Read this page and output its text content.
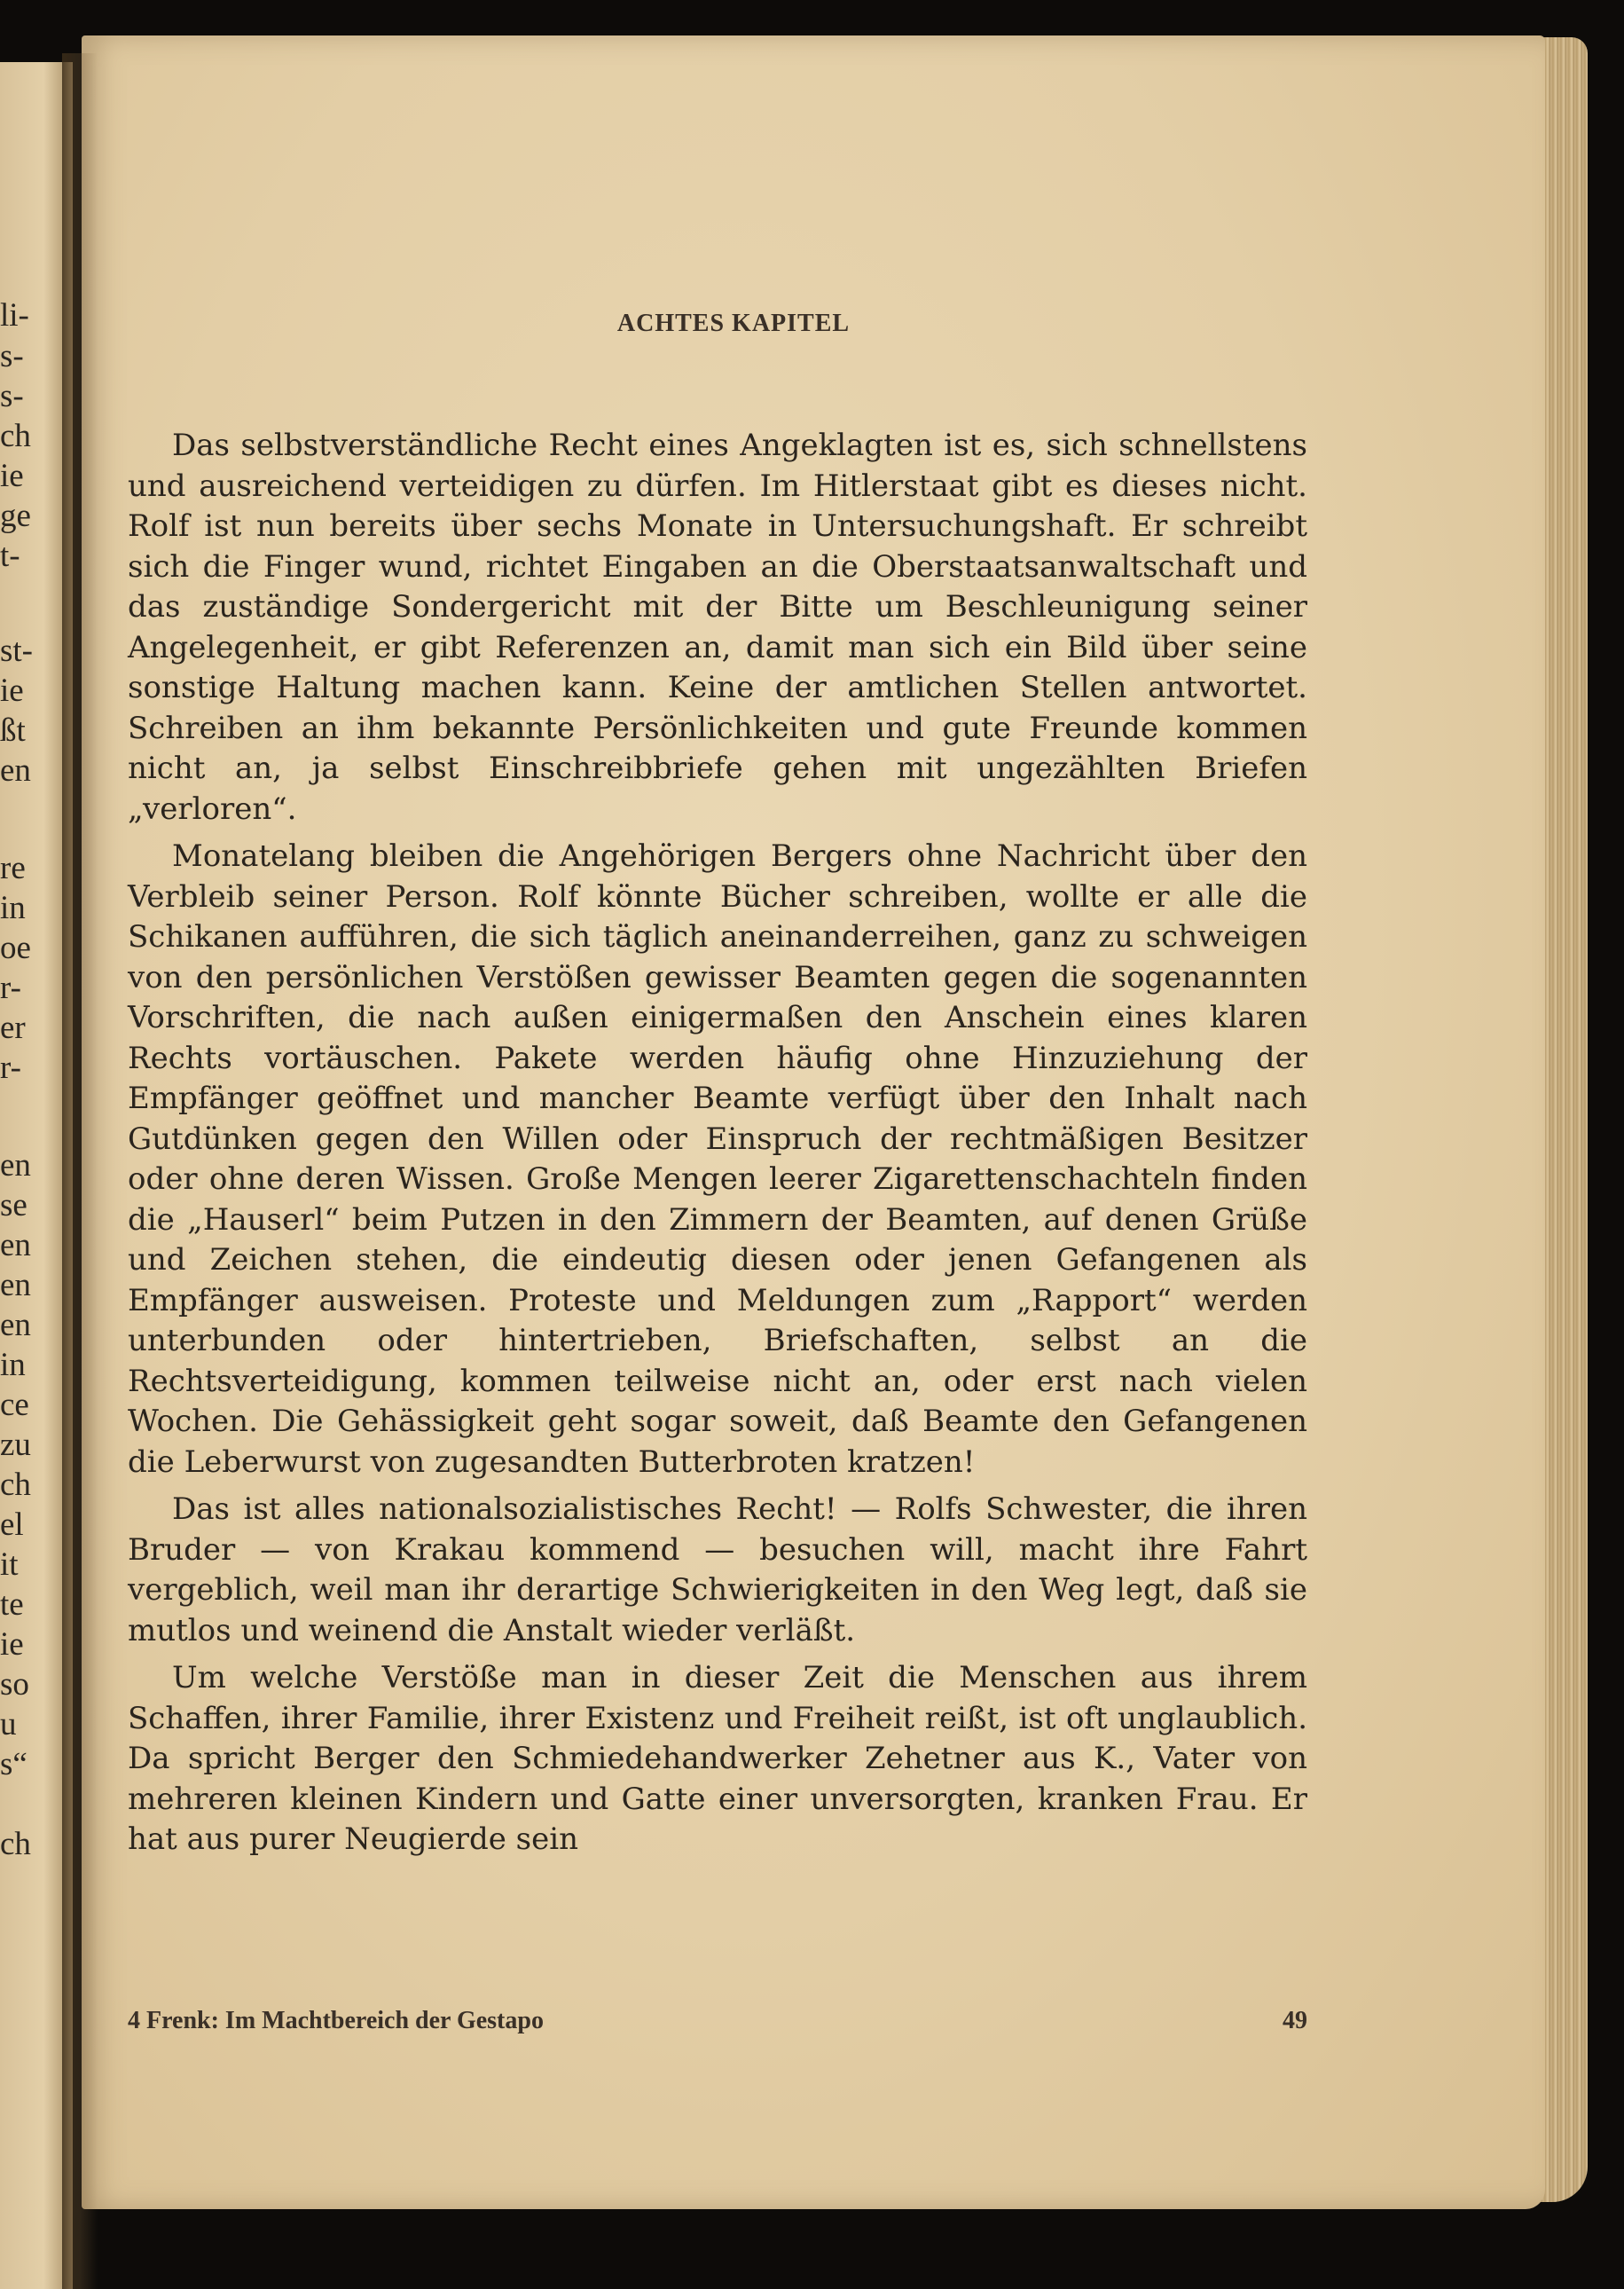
li-
s-
s-
ch
ie
ge
t-
st-
ie
ßt
en
re
in
oe
r-
er
r-
en
se
en
en
en
in
ce
zu
ch
el
it
te
ie
so
u
s“
ch
ACHTES KAPITEL

Das selbstverständliche Recht eines Angeklagten ist es, sich schnellstens und ausreichend verteidigen zu dürfen. Im Hitlerstaat gibt es dieses nicht. Rolf ist nun bereits über sechs Monate in Untersuchungshaft. Er schreibt sich die Finger wund, richtet Eingaben an die Oberstaatsanwaltschaft und das zuständige Sondergericht mit der Bitte um Beschleunigung seiner Angelegenheit, er gibt Referenzen an, damit man sich ein Bild über seine sonstige Haltung machen kann. Keine der amtlichen Stellen antwortet. Schreiben an ihm bekannte Persönlichkeiten und gute Freunde kommen nicht an, ja selbst Einschreibbriefe gehen mit ungezählten Briefen „verloren“.

Monatelang bleiben die Angehörigen Bergers ohne Nachricht über den Verbleib seiner Person. Rolf könnte Bücher schreiben, wollte er alle die Schikanen aufführen, die sich täglich aneinanderreihen, ganz zu schweigen von den persönlichen Verstößen gewisser Beamten gegen die sogenannten Vorschriften, die nach außen einigermaßen den Anschein eines klaren Rechts vortäuschen. Pakete werden häufig ohne Hinzuziehung der Empfänger geöffnet und mancher Beamte verfügt über den Inhalt nach Gutdünken gegen den Willen oder Einspruch der rechtmäßigen Besitzer oder ohne deren Wissen. Große Mengen leerer Zigarettenschachteln finden die „Hauserl“ beim Putzen in den Zimmern der Beamten, auf denen Grüße und Zeichen stehen, die eindeutig diesen oder jenen Gefangenen als Empfänger ausweisen. Proteste und Meldungen zum „Rapport“ werden unterbunden oder hintertrieben, Briefschaften, selbst an die Rechtsverteidigung, kommen teilweise nicht an, oder erst nach vielen Wochen. Die Gehässigkeit geht sogar soweit, daß Beamte den Gefangenen die Leberwurst von zugesandten Butterbroten kratzen!

Das ist alles nationalsozialistisches Recht! — Rolfs Schwester, die ihren Bruder — von Krakau kommend — besuchen will, macht ihre Fahrt vergeblich, weil man ihr derartige Schwierigkeiten in den Weg legt, daß sie mutlos und weinend die Anstalt wieder verläßt.

Um welche Verstöße man in dieser Zeit die Menschen aus ihrem Schaffen, ihrer Familie, ihrer Existenz und Freiheit reißt, ist oft unglaublich. Da spricht Berger den Schmiedehandwerker Zehetner aus K., Vater von mehreren kleinen Kindern und Gatte einer unversorgten, kranken Frau. Er hat aus purer Neugierde sein

4 Frenk: Im Machtbereich der Gestapo	49
